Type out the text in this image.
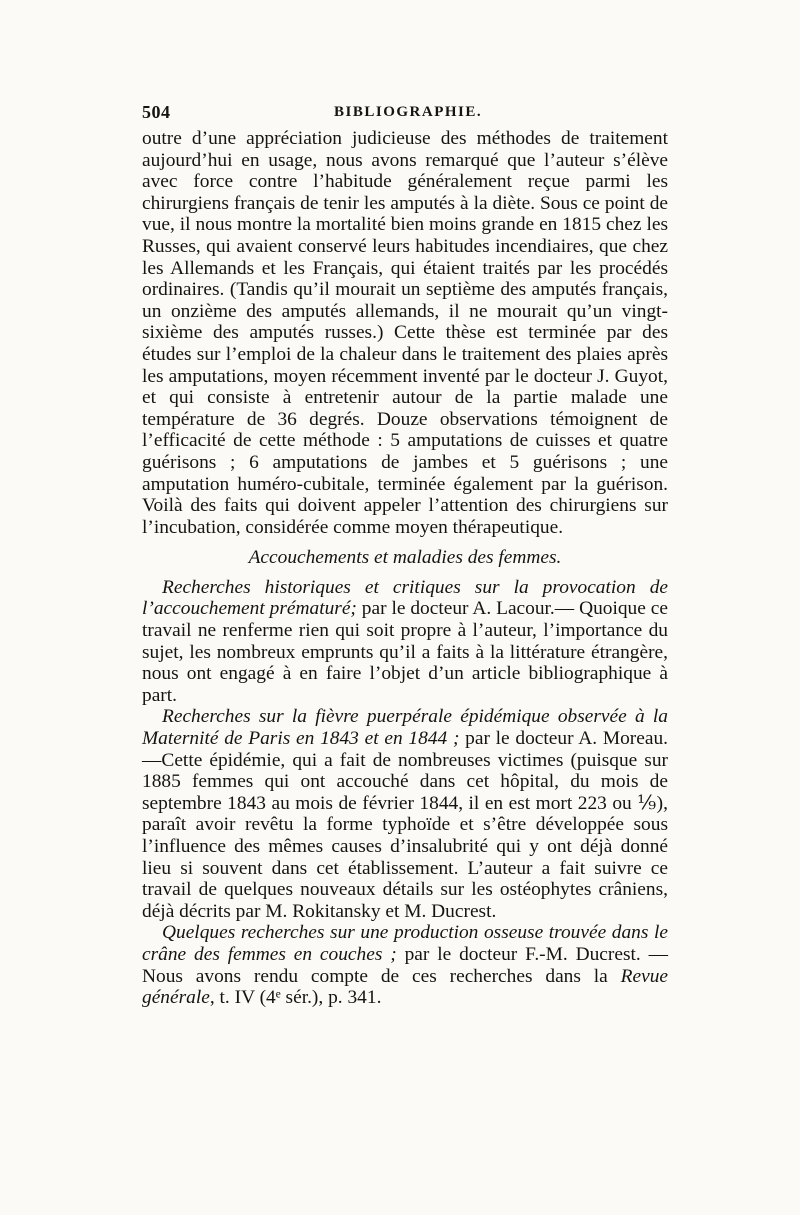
504	BIBLIOGRAPHIE.

outre d’une appréciation judicieuse des méthodes de traitement aujourd’hui en usage, nous avons remarqué que l’auteur s’élève avec force contre l’habitude généralement reçue parmi les chirurgiens français de tenir les amputés à la diète. Sous ce point de vue, il nous montre la mortalité bien moins grande en 1815 chez les Russes, qui avaient conservé leurs habitudes incendiaires, que chez les Allemands et les Français, qui étaient traités par les procédés ordinaires. (Tandis qu’il mourait un septième des amputés français, un onzième des amputés allemands, il ne mourait qu’un vingt-sixième des amputés russes.) Cette thèse est terminée par des études sur l’emploi de la chaleur dans le traitement des plaies après les amputations, moyen récemment inventé par le docteur J. Guyot, et qui consiste à entretenir autour de la partie malade une température de 36 degrés. Douze observations témoignent de l’efficacité de cette méthode : 5 amputations de cuisses et quatre guérisons ; 6 amputations de jambes et 5 guérisons ; une amputation huméro-cubitale, terminée également par la guérison. Voilà des faits qui doivent appeler l’attention des chirurgiens sur l’incubation, considérée comme moyen thérapeutique.

Accouchements et maladies des femmes.

Recherches historiques et critiques sur la provocation de l’accouchement prématuré; par le docteur A. Lacour.— Quoique ce travail ne renferme rien qui soit propre à l’auteur, l’importance du sujet, les nombreux emprunts qu’il a faits à la littérature étrangère, nous ont engagé à en faire l’objet d’un article bibliographique à part.

Recherches sur la fièvre puerpérale épidémique observée à la Maternité de Paris en 1843 et en 1844 ; par le docteur A. Moreau. —Cette épidémie, qui a fait de nombreuses victimes (puisque sur 1885 femmes qui ont accouché dans cet hôpital, du mois de septembre 1843 au mois de février 1844, il en est mort 223 ou ⅑), paraît avoir revêtu la forme typhoïde et s’être développée sous l’influence des mêmes causes d’insalubrité qui y ont déjà donné lieu si souvent dans cet établissement. L’auteur a fait suivre ce travail de quelques nouveaux détails sur les ostéophytes crâniens, déjà décrits par M. Rokitansky et M. Ducrest.

Quelques recherches sur une production osseuse trouvée dans le crâne des femmes en couches ; par le docteur F.-M. Ducrest. — Nous avons rendu compte de ces recherches dans la Revue générale, t. IV (4ᵉ sér.), p. 341.
